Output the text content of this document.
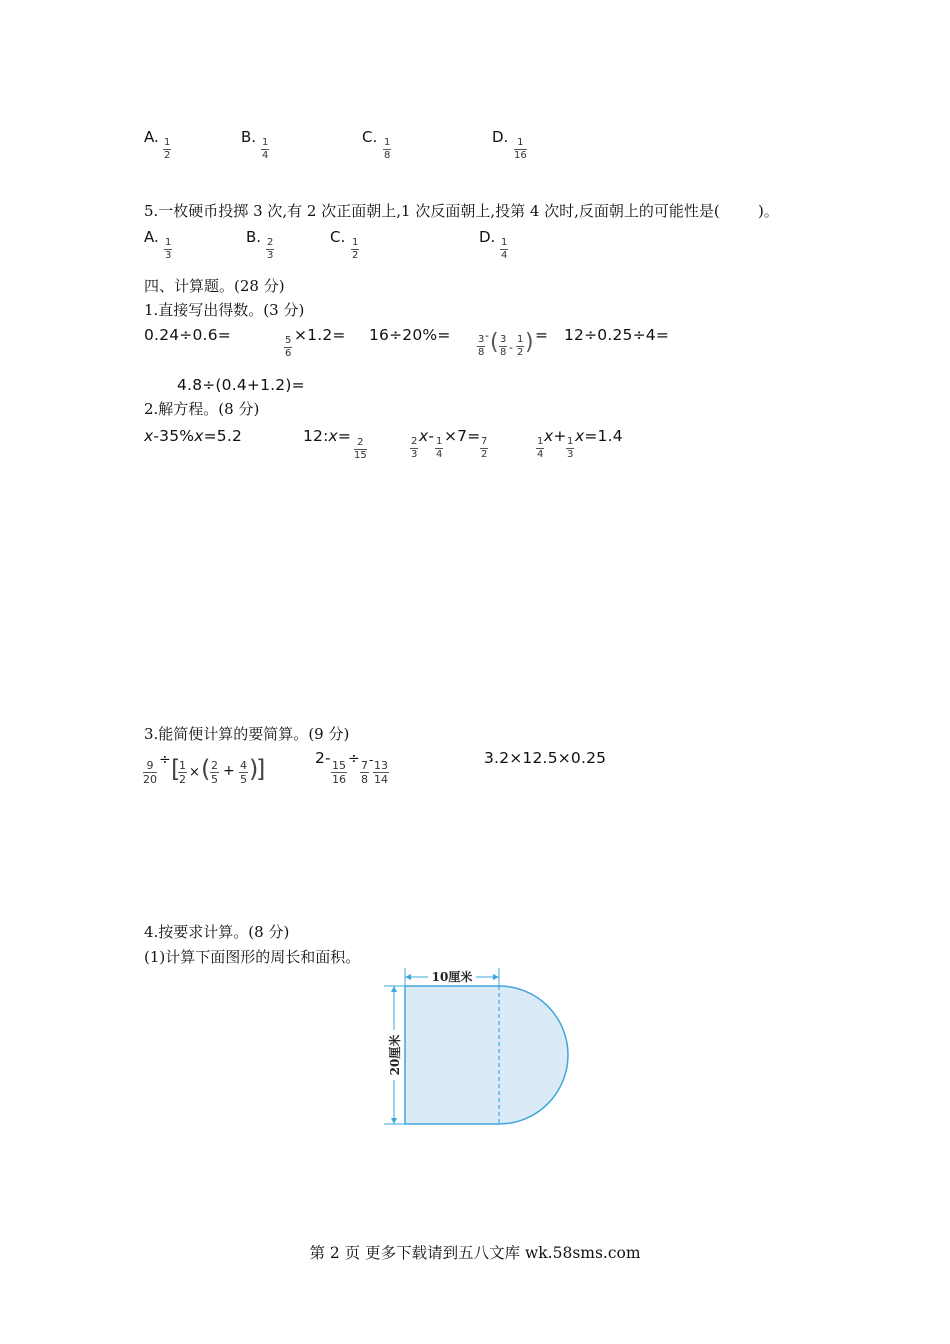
A.
$\frac{1}{2}$
B.
$\frac{1}{4}$
C.
$\frac{1}{8}$
D.
$\frac{1}{16}$
5.一枚硬币投掷 3 次,有 2 次正面朝上,1 次反面朝上,投第 4 次时,反面朝上的可能性是(	)。
A.
$\frac{1}{3}$
B.
$\frac{2}{3}$
C.
$\frac{1}{2}$
D.
$\frac{1}{4}$
四、计算题。(28 分)
1.直接写出得数。(3 分)
0.24÷0.6=
$\frac{5}{6}$
×1.2= 16÷20%=	$\frac{3}{8}$ - ( $\frac{3}{8} - \frac{1}{2}$ ) = 12÷0.25÷4=
4.8÷(0.4+1.2)=
2.解方程。(8 分)
x-35%x=5.2	12:x=
$\frac{2}{15}$	$\frac{2}{3}$
x-
$\frac{1}{4}$
×7=
$\frac{7}{2}$	$\frac{1}{4}$
x+
$\frac{1}{3}$
x=1.4
3.能简便计算的要简算。(9 分)
$\frac{9}{20}$ ÷ [
$\frac{1}{2}$ × ( $\frac{2}{5} + \frac{4}{5}$ )
]	2-
$\frac{15}{16}$
÷
$\frac{7}{8} - \frac{13}{14}$
3.2×12.5×0.25
4.按要求计算。(8 分)
(1)计算下面图形的周长和面积。
10厘米
20厘米
第 2 页 更多下载请到五八文库 wk.58sms.com
